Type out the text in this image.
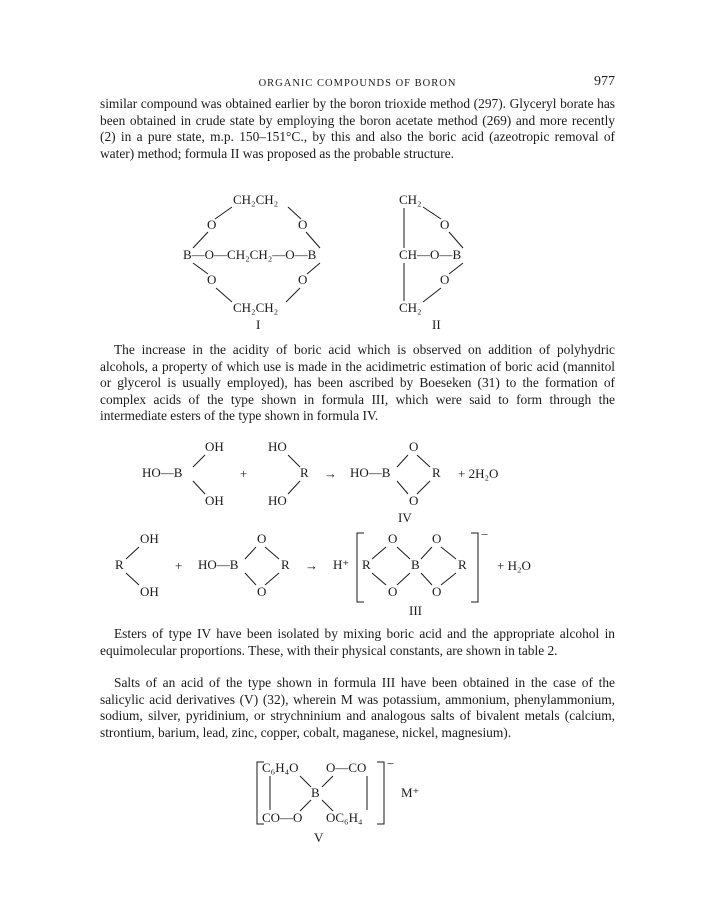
ORGANIC COMPOUNDS OF BORON	977

similar compound was obtained earlier by the boron trioxide method (297). Glyceryl borate has been obtained in crude state by employing the boron acetate method (269) and more recently (2) in a pure state, m.p. 150–151°C., by this and also the boric acid (azeotropic removal of water) method; formula II was proposed as the probable structure.

CH₂CH₂
O	O
B—O—CH₂CH₂—O—B
O	O
CH₂CH₂
I
CH₂
O
CH—O—B
O
CH₂
II

The increase in the acidity of boric acid which is observed on addition of polyhydric alcohols, a property of which use is made in the acidimetric estimation of boric acid (mannitol or glycerol is usually employed), has been ascribed by Boeseken (31) to the formation of complex acids of the type shown in formula III, which were said to form through the intermediate esters of the type shown in formula IV.

OH
HO—B
OH
+
HO
R
HO
→ HO—B
O
O
R + 2H₂O
IV
OH
R
OH
+ HO—B
O
O
R → H⁺
−
R
O
O
B
O
O
R + H₂O
III

Esters of type IV have been isolated by mixing boric acid and the appropriate alcohol in equimolecular proportions. These, with their physical constants, are shown in table 2.

Salts of an acid of the type shown in formula III have been obtained in the case of the salicylic acid derivatives (V) (32), wherein M was potassium, ammonium, phenylammonium, sodium, silver, pyridinium, or strychninium and analogous salts of bivalent metals (calcium, strontium, barium, lead, zinc, copper, cobalt, maganese, nickel, magnesium).

−
C₆H₄O O—CO
B
CO—O OC₆H₄
M⁺
V
